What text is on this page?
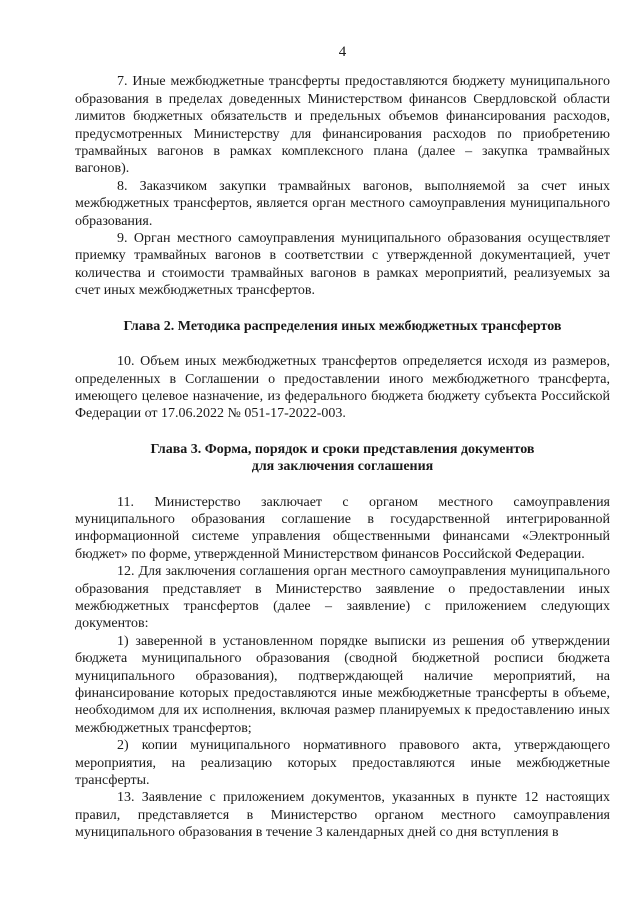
4

7. Иные межбюджетные трансферты предоставляются бюджету муниципального образования в пределах доведенных Министерством финансов Свердловской области лимитов бюджетных обязательств и предельных объемов финансирования расходов, предусмотренных Министерству для финансирования расходов по приобретению трамвайных вагонов в рамках комплексного плана (далее – закупка трамвайных вагонов).

8. Заказчиком закупки трамвайных вагонов, выполняемой за счет иных межбюджетных трансфертов, является орган местного самоуправления муниципального образования.

9. Орган местного самоуправления муниципального образования осуществляет приемку трамвайных вагонов в соответствии с утвержденной документацией, учет количества и стоимости трамвайных вагонов в рамках мероприятий, реализуемых за счет иных межбюджетных трансфертов.

Глава 2. Методика распределения иных межбюджетных трансфертов

10. Объем иных межбюджетных трансфертов определяется исходя из размеров, определенных в Соглашении о предоставлении иного межбюджетного трансферта, имеющего целевое назначение, из федерального бюджета бюджету субъекта Российской Федерации от 17.06.2022 № 051-17-2022-003.

Глава 3. Форма, порядок и сроки представления документов
для заключения соглашения

11. Министерство заключает с органом местного самоуправления муниципального образования соглашение в государственной интегрированной информационной системе управления общественными финансами «Электронный бюджет» по форме, утвержденной Министерством финансов Российской Федерации.

12. Для заключения соглашения орган местного самоуправления муниципального образования представляет в Министерство заявление о предоставлении иных межбюджетных трансфертов (далее – заявление) с приложением следующих документов:

1) заверенной в установленном порядке выписки из решения об утверждении бюджета муниципального образования (сводной бюджетной росписи бюджета муниципального образования), подтверждающей наличие мероприятий, на финансирование которых предоставляются иные межбюджетные трансферты в объеме, необходимом для их исполнения, включая размер планируемых к предоставлению иных межбюджетных трансфертов;

2) копии муниципального нормативного правового акта, утверждающего мероприятия, на реализацию которых предоставляются иные межбюджетные трансферты.

13. Заявление с приложением документов, указанных в пункте 12 настоящих правил, представляется в Министерство органом местного самоуправления муниципального образования в течение 3 календарных дней со дня вступления в
